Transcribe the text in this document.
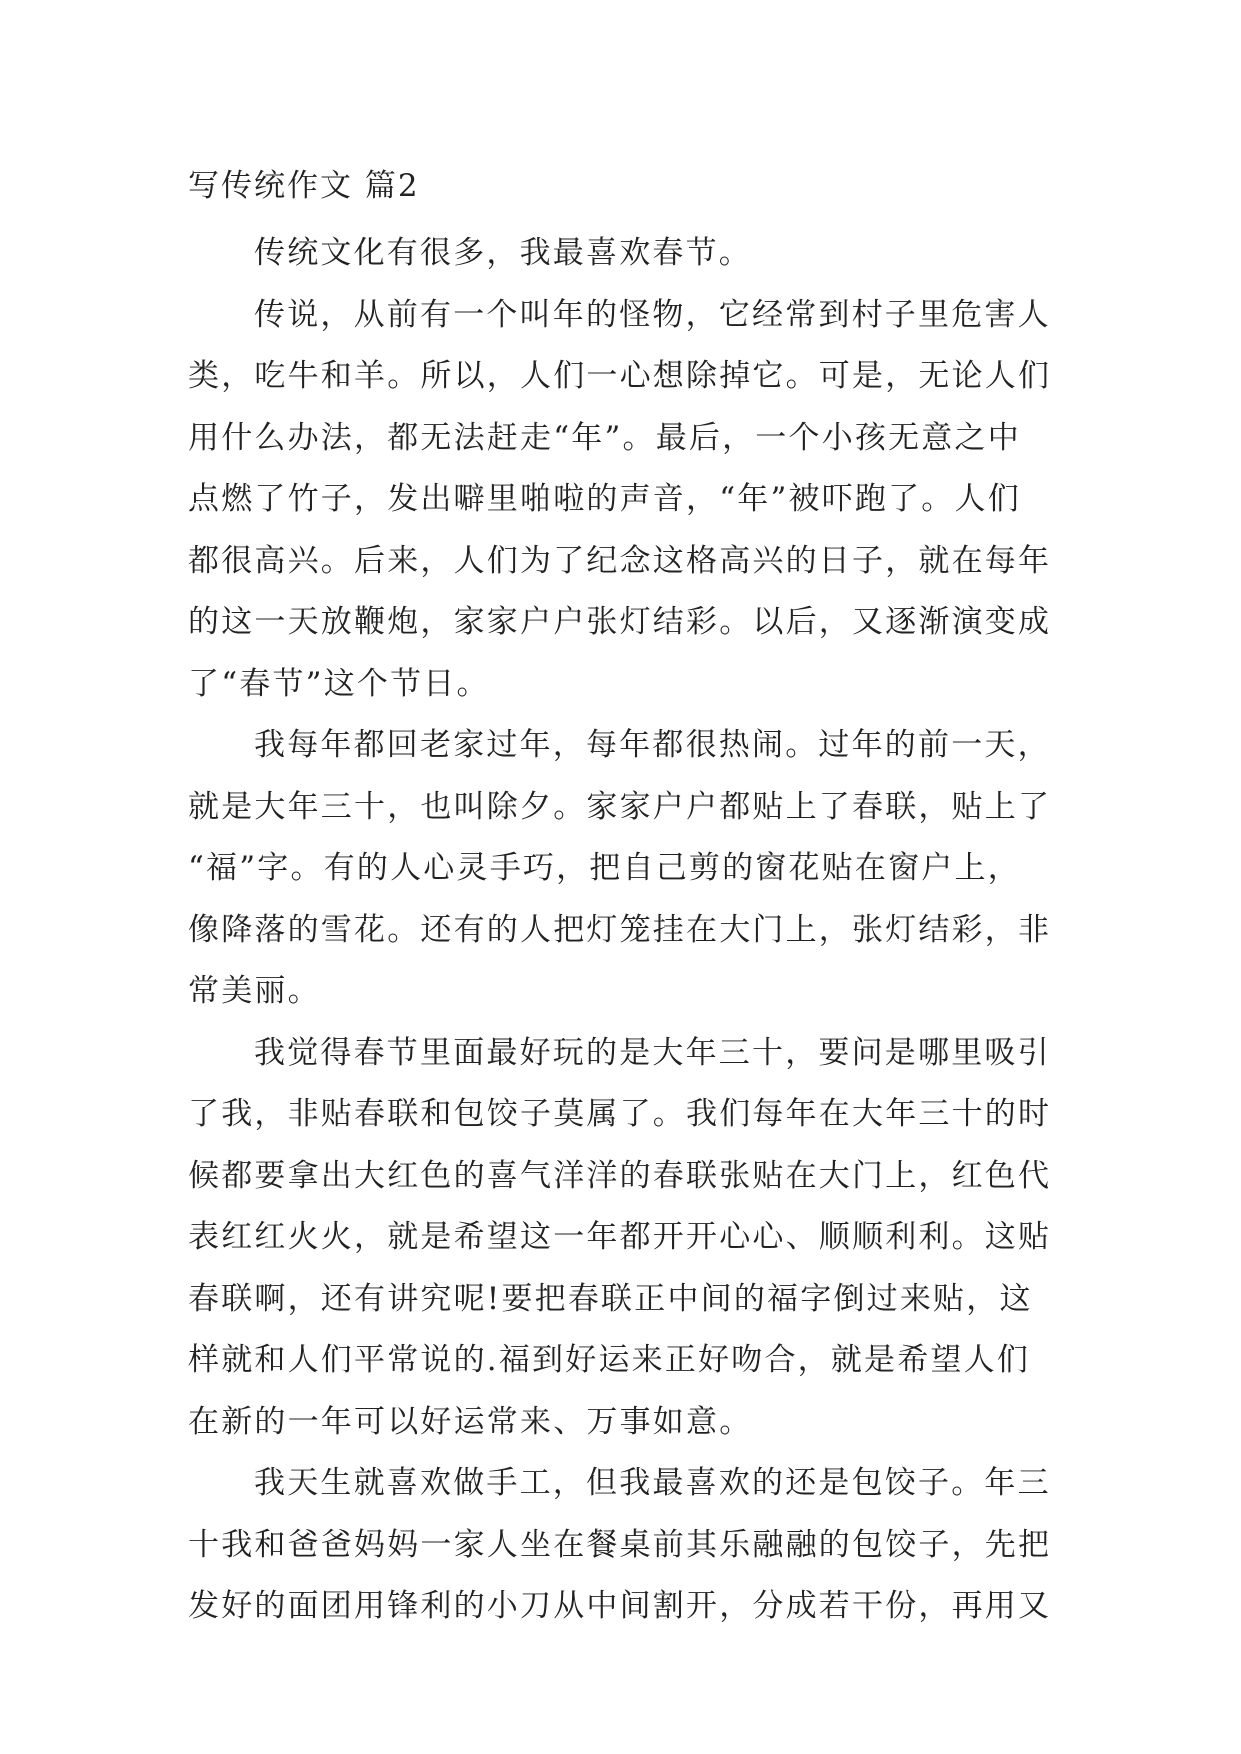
写传统作文 篇2

传统文化有很多，我最喜欢春节。

传说，从前有一个叫年的怪物，它经常到村子里危害人
类，吃牛和羊。所以，人们一心想除掉它。可是，无论人们
用什么办法，都无法赶走“年”。最后，一个小孩无意之中
点燃了竹子，发出噼里啪啦的声音，“年”被吓跑了。人们
都很高兴。后来，人们为了纪念这格高兴的日子，就在每年
的这一天放鞭炮，家家户户张灯结彩。以后，又逐渐演变成
了“春节”这个节日。

我每年都回老家过年，每年都很热闹。过年的前一天，
就是大年三十，也叫除夕。家家户户都贴上了春联，贴上了
“福”字。有的人心灵手巧，把自己剪的窗花贴在窗户上，
像降落的雪花。还有的人把灯笼挂在大门上，张灯结彩，非
常美丽。

我觉得春节里面最好玩的是大年三十，要问是哪里吸引
了我，非贴春联和包饺子莫属了。我们每年在大年三十的时
候都要拿出大红色的喜气洋洋的春联张贴在大门上，红色代
表红红火火，就是希望这一年都开开心心、顺顺利利。这贴
春联啊，还有讲究呢!要把春联正中间的福字倒过来贴，这
样就和人们平常说的.福到好运来正好吻合，就是希望人们
在新的一年可以好运常来、万事如意。

我天生就喜欢做手工，但我最喜欢的还是包饺子。年三
十我和爸爸妈妈一家人坐在餐桌前其乐融融的包饺子，先把
发好的面团用锋利的小刀从中间割开，分成若干份，再用又
